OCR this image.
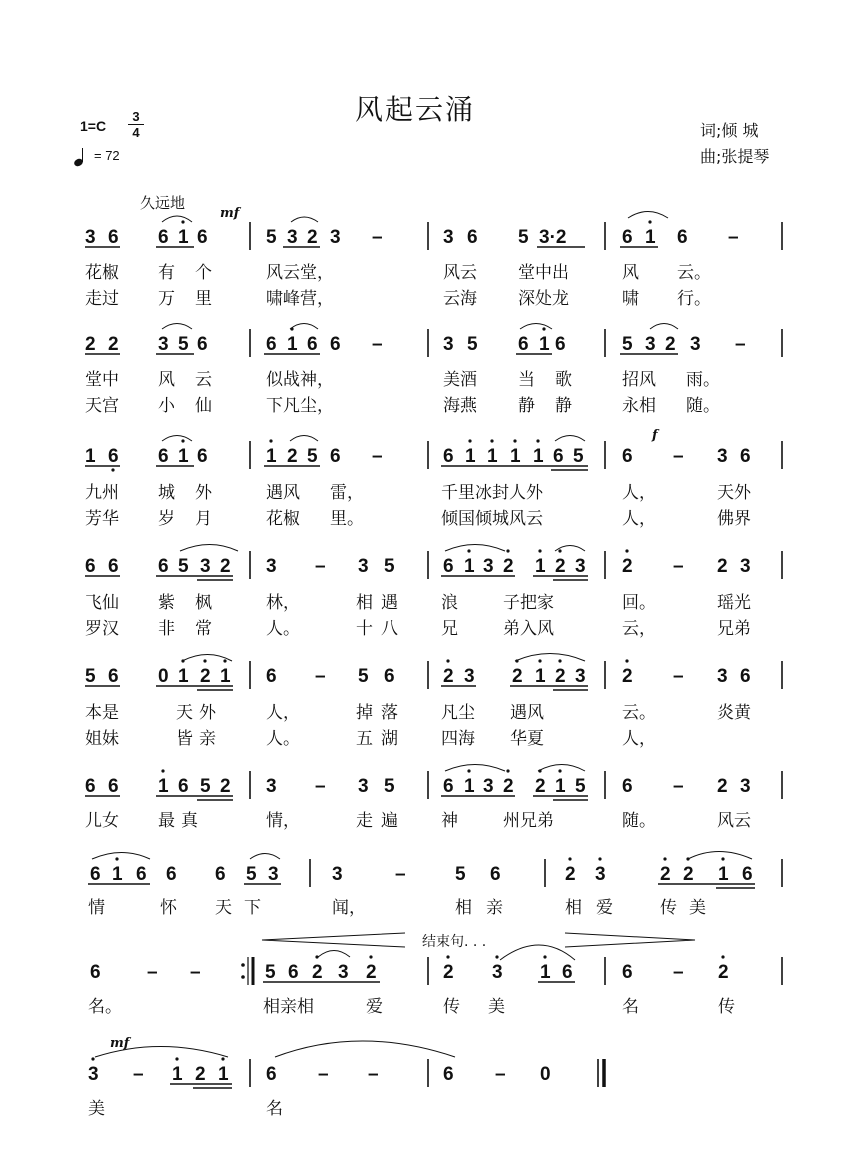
风起云涌
1=C
3
4
= 72
词;倾 城
曲;张提琴
久远地
3 6 6 1 6	5 3 2 3 –	3 6 5 3·2	6 1 6 –
2 2 3 5 6	6 1 6 6 –	3 5 6 1 6	5 3 2 3 –
1 6 6 1 6	1 2 5 6 –	6 1 1 1 1 6 5 6 – 3 6
6 6 6 5 3 2 3 – 3 5	6 1 3 2 1 2 3 2 – 2 3
5 6 0 1 2 1 6 – 5 6	2 3 2 1 2 3 2 – 3 6
6 6 1 6 5 2 3 – 3 5	6 1 3 2 2 1 5 6 – 2 3
6 1 6 6 6 5 3	3	–	5 6	2 3	2 2 1 6
6 – –	5 6 2 3 2	2 3 1 6	6 – 2
3 – 1 2 1 6 – –	6 – 0
mf
f
mf
结束句. . .
花椒 有个 风云堂，	风云 堂中出	风 云。
走过 万里 啸峰营，	云海 深处龙	啸 行。
堂中 风云 似战神，	美酒 当歌 招风 雨。
天宫 小仙 下凡尘，	海燕 静静 永相 随。
九州 城外 遇风 雷，	千里冰封人外	人，	天外
芳华 岁月 花椒 里。	倾国倾城风云	人，	佛界
飞仙 紫枫 林，	相遇 浪	子把家	回。	瑶光
罗汉 非常 人。	十八 兄	弟入风	云，	兄弟
本是	天外	人，	掉落 凡尘 遇风	云。	炎黄
姐妹	皆亲	人。	五湖 四海 华夏	人，
儿女 最真	情，	走遍 神	州兄弟	随。	风云
情	怀 天下	闻，	相亲	相爱 传美
名。	相亲相	爱	传美	名	传
美	名
